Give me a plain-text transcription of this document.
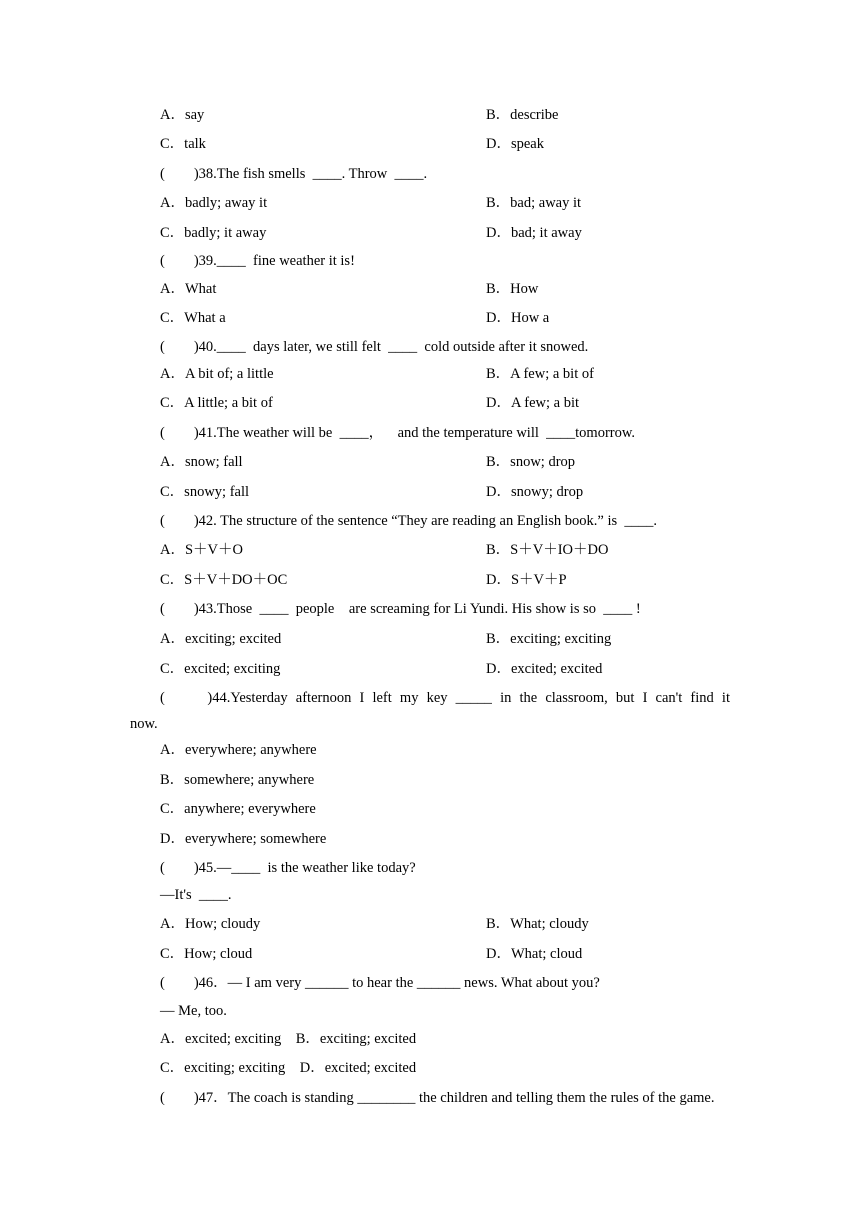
A．say	B．describe
C．talk	D．speak
(　　)38.The fish smells  ____. Throw  ____.
A．badly; away it	B．bad; away it
C．badly; it away	D．bad; it away
(　　)39.____  fine weather it is!
A．What	B．How
C．What a	D．How a
(　　)40.____  days later, we still felt  ____  cold outside after it snowed.
A．A bit of; a little	B．A few; a bit of
C．A little; a bit of	D．A few; a bit
(　　)41.The weather will be  ____，    and the temperature will  ____tomorrow.
A．snow; fall	B．snow; drop
C．snowy; fall	D．snowy; drop
(　　)42. The structure of the sentence “They are reading an English book.” is  ____.
A．S＋V＋O	B．S＋V＋IO＋DO
C．S＋V＋DO＋OC	D．S＋V＋P
(　　)43.Those  ____  people    are screaming for Li Yundi. His show is so  ____ !
A．exciting; excited	B．exciting; exciting
C．excited; exciting	D．excited; excited
A．everywhere; anywhere
B．somewhere; anywhere
C．anywhere; everywhere
D．everywhere; somewhere
(　　)45.—____  is the weather like today?
—It's  ____.
A．How; cloudy	B．What; cloudy
C．How; cloud	D．What; cloud
(　　)46．— I am very ______ to hear the ______ news. What about you?
— Me, too.
A．excited; exciting　B．exciting; excited
C．exciting; exciting　D．excited; excited
(　　)47．The coach is standing ________ the children and telling them the rules of the game.
(　　)44.Yesterday afternoon I left my key _____ in the classroom, but I can't find it
now.
